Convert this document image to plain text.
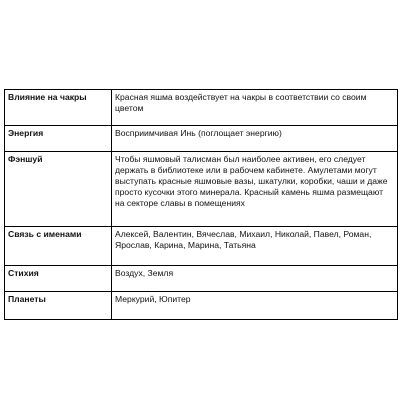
Влияние на чакры	Красная яшма воздействует на чакры в соответствии со своим цветом
Энергия	Восприимчивая Инь (поглощает энергию)
Фэншуй	Чтобы яшмовый талисман был наиболее активен, его следует держать в библиотеке или в рабочем кабинете. Амулетами могут выступать красные яшмовые вазы, шкатулки, коробки, чаши и даже просто кусочки этого минерала. Красный камень яшма размещают на секторе славы в помещениях
Связь с именами	Алексей, Валентин, Вячеслав, Михаил, Николай, Павел, Роман, Ярослав, Карина, Марина, Татьяна
Стихия	Воздух, Земля
Планеты	Меркурий, Юпитер
